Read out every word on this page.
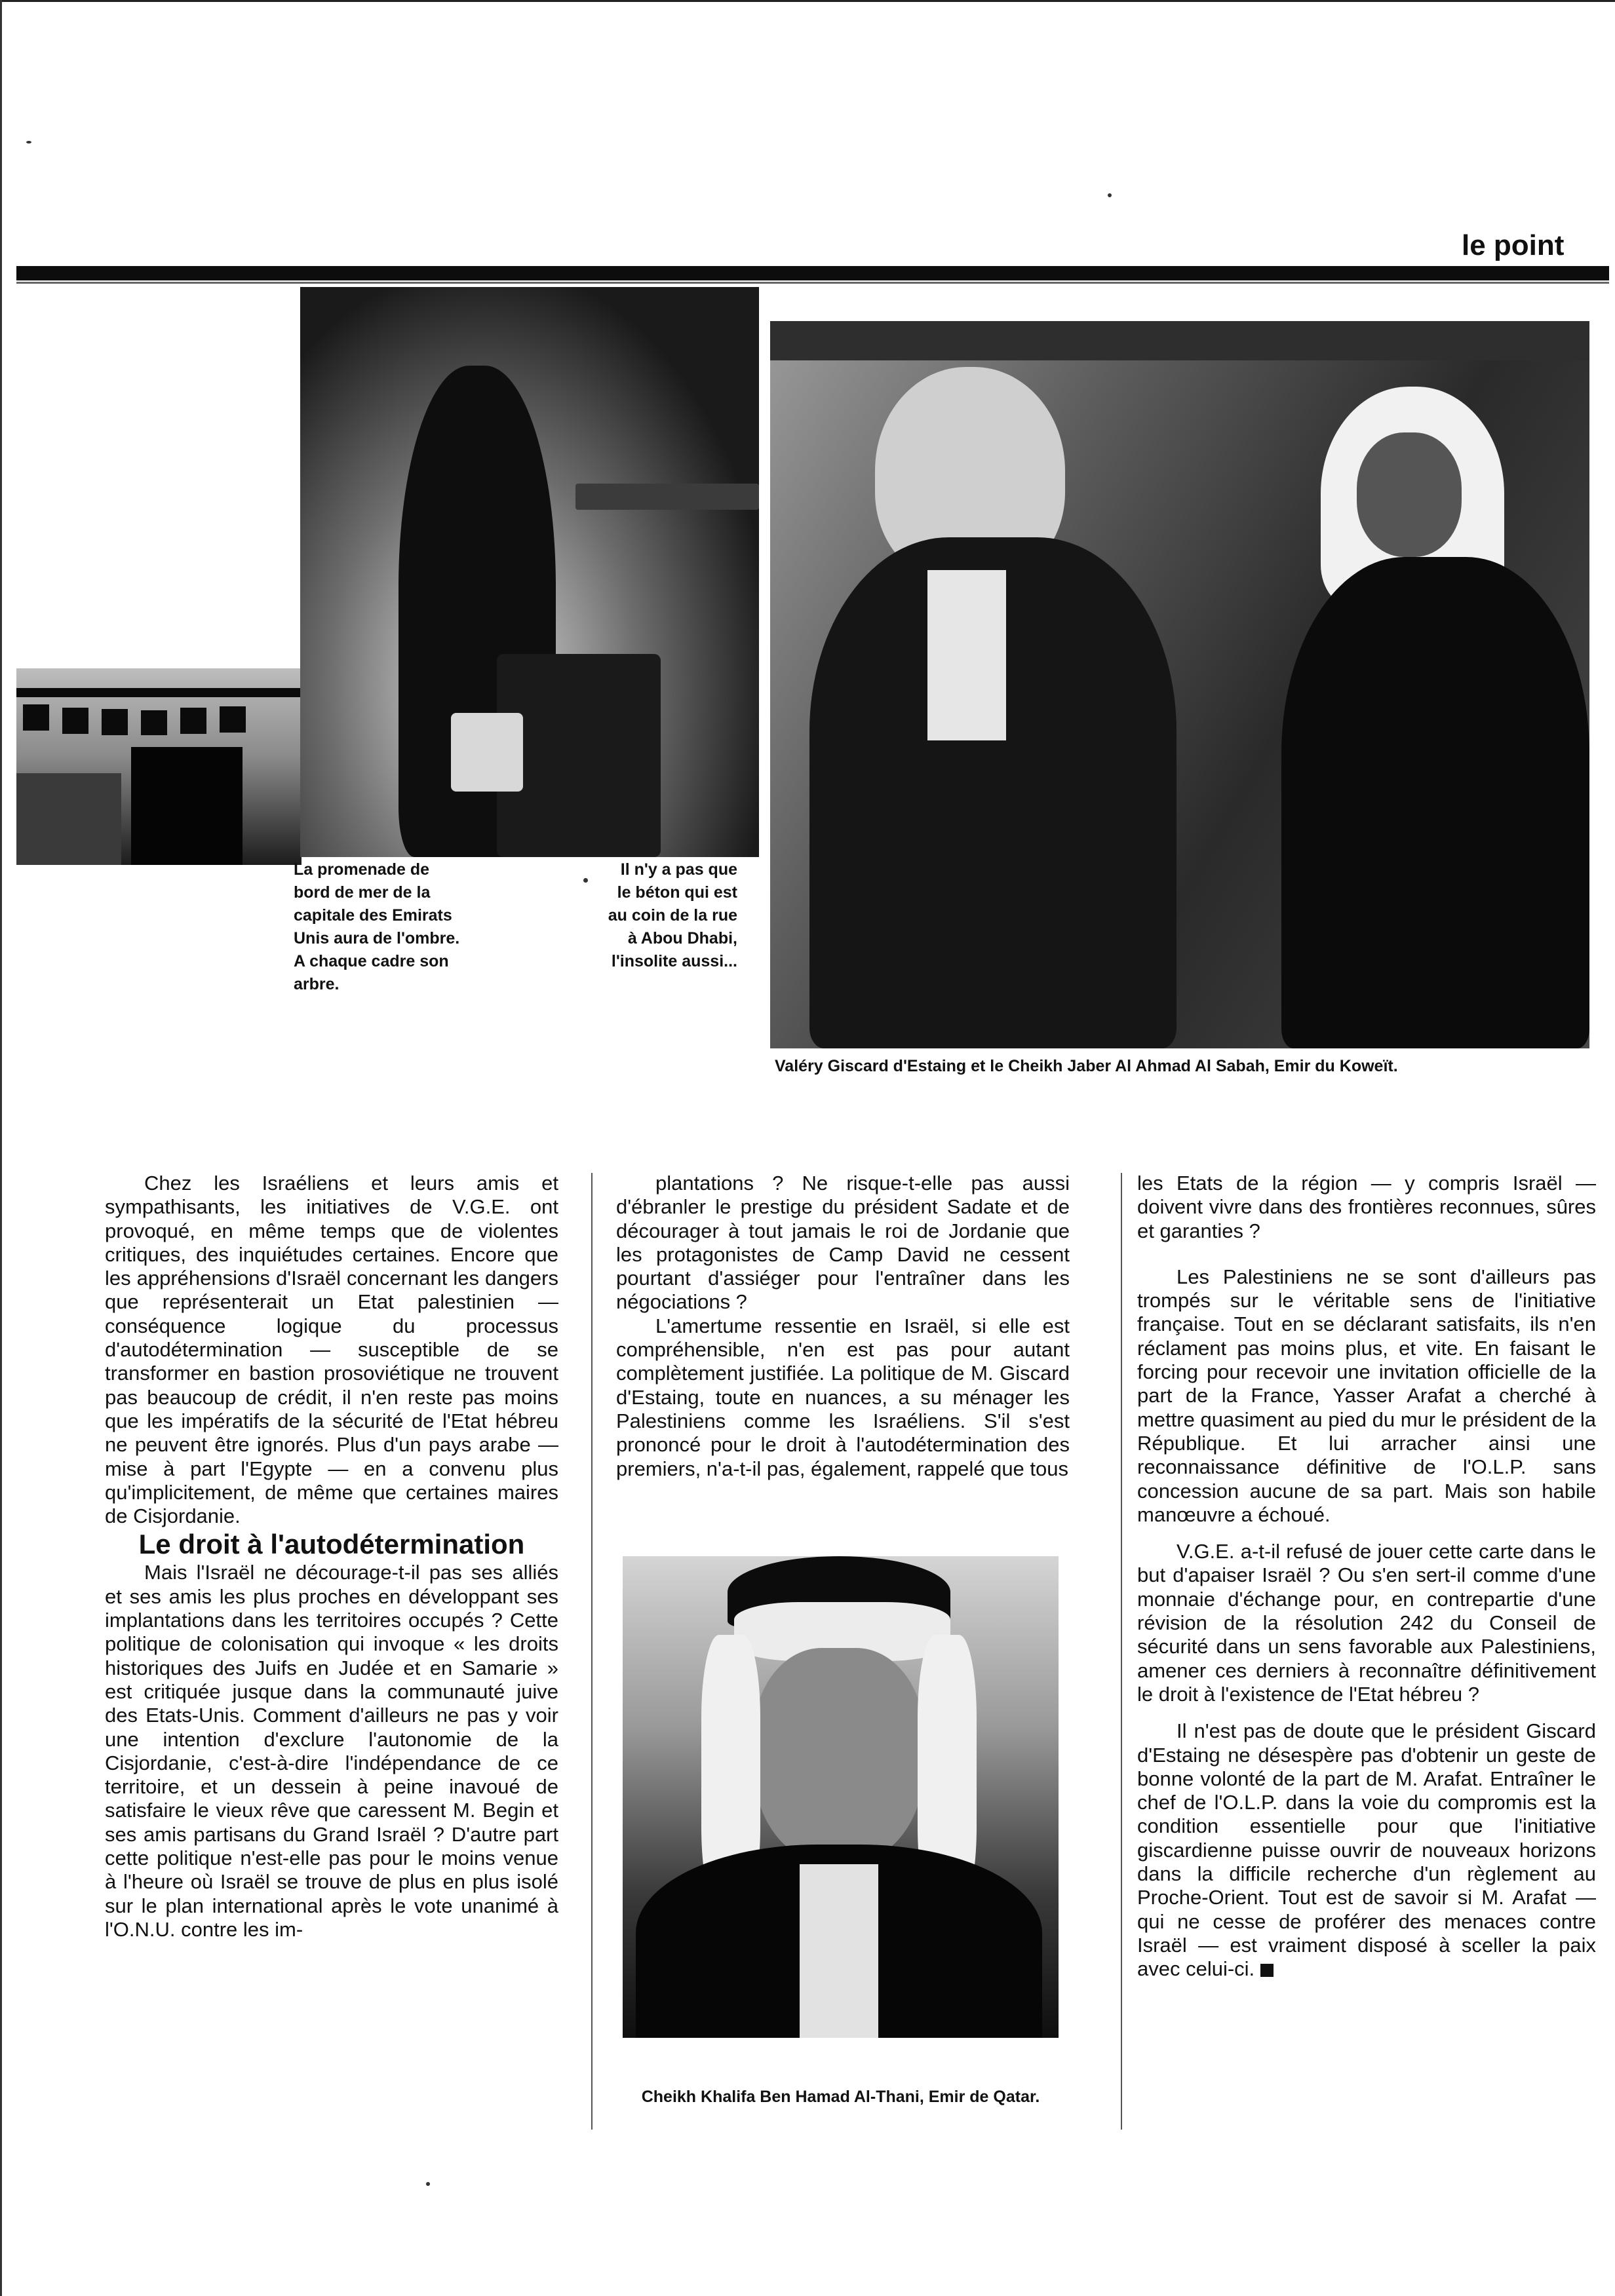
le point

La promenade de bord de mer de la capitale des Emirats Unis aura de l'ombre. A chaque cadre son arbre.

Il n'y a pas que le béton qui est au coin de la rue à Abou Dhabi, l'insolite aussi...

Valéry Giscard d'Estaing et le Cheikh Jaber Al Ahmad Al Sabah, Emir du Koweït.

Cheikh Khalifa Ben Hamad Al-Thani, Emir de Qatar.

Chez les Israéliens et leurs amis et sympathisants, les initiatives de V.G.E. ont provoqué, en même temps que de violentes critiques, des inquiétudes certaines. Encore que les appréhensions d'Israël concernant les dangers que représenterait un Etat palestinien — conséquence logique du processus d'autodétermination — susceptible de se transformer en bastion prosoviétique ne trouvent pas beaucoup de crédit, il n'en reste pas moins que les impératifs de la sécurité de l'Etat hébreu ne peuvent être ignorés. Plus d'un pays arabe — mise à part l'Egypte — en a convenu plus qu'implicitement, de même que certaines maires de Cisjordanie.

Le droit à l'autodétermination

Mais l'Israël ne décourage-t-il pas ses alliés et ses amis les plus proches en développant ses implantations dans les territoires occupés ? Cette politique de colonisation qui invoque « les droits historiques des Juifs en Judée et en Samarie » est critiquée jusque dans la communauté juive des Etats-Unis. Comment d'ailleurs ne pas y voir une intention d'exclure l'autonomie de la Cisjordanie, c'est-à-dire l'indépendance de ce territoire, et un dessein à peine inavoué de satisfaire le vieux rêve que caressent M. Begin et ses amis partisans du Grand Israël ? D'autre part cette politique n'est-elle pas pour le moins venue à l'heure où Israël se trouve de plus en plus isolé sur le plan international après le vote unanimé à l'O.N.U. contre les im-

plantations ? Ne risque-t-elle pas aussi d'ébranler le prestige du président Sadate et de décourager à tout jamais le roi de Jordanie que les protagonistes de Camp David ne cessent pourtant d'assiéger pour l'entraîner dans les négociations ?

L'amertume ressentie en Israël, si elle est compréhensible, n'en est pas pour autant complètement justifiée. La politique de M. Giscard d'Estaing, toute en nuances, a su ménager les Palestiniens comme les Israéliens. S'il s'est prononcé pour le droit à l'autodétermination des premiers, n'a-t-il pas, également, rappelé que tous

les Etats de la région — y compris Israël — doivent vivre dans des frontières reconnues, sûres et garanties ?

Les Palestiniens ne se sont d'ailleurs pas trompés sur le véritable sens de l'initiative française. Tout en se déclarant satisfaits, ils n'en réclament pas moins plus, et vite. En faisant le forcing pour recevoir une invitation officielle de la part de la France, Yasser Arafat a cherché à mettre quasiment au pied du mur le président de la République. Et lui arracher ainsi une reconnaissance définitive de l'O.L.P. sans concession aucune de sa part. Mais son habile manœuvre a échoué.

V.G.E. a-t-il refusé de jouer cette carte dans le but d'apaiser Israël ? Ou s'en sert-il comme d'une monnaie d'échange pour, en contrepartie d'une révision de la résolution 242 du Conseil de sécurité dans un sens favorable aux Palestiniens, amener ces derniers à reconnaître définitivement le droit à l'existence de l'Etat hébreu ?

Il n'est pas de doute que le président Giscard d'Estaing ne désespère pas d'obtenir un geste de bonne volonté de la part de M. Arafat. Entraîner le chef de l'O.L.P. dans la voie du compromis est la condition essentielle pour que l'initiative giscardienne puisse ouvrir de nouveaux horizons dans la difficile recherche d'un règlement au Proche-Orient. Tout est de savoir si M. Arafat — qui ne cesse de proférer des menaces contre Israël — est vraiment disposé à sceller la paix avec celui-ci.
